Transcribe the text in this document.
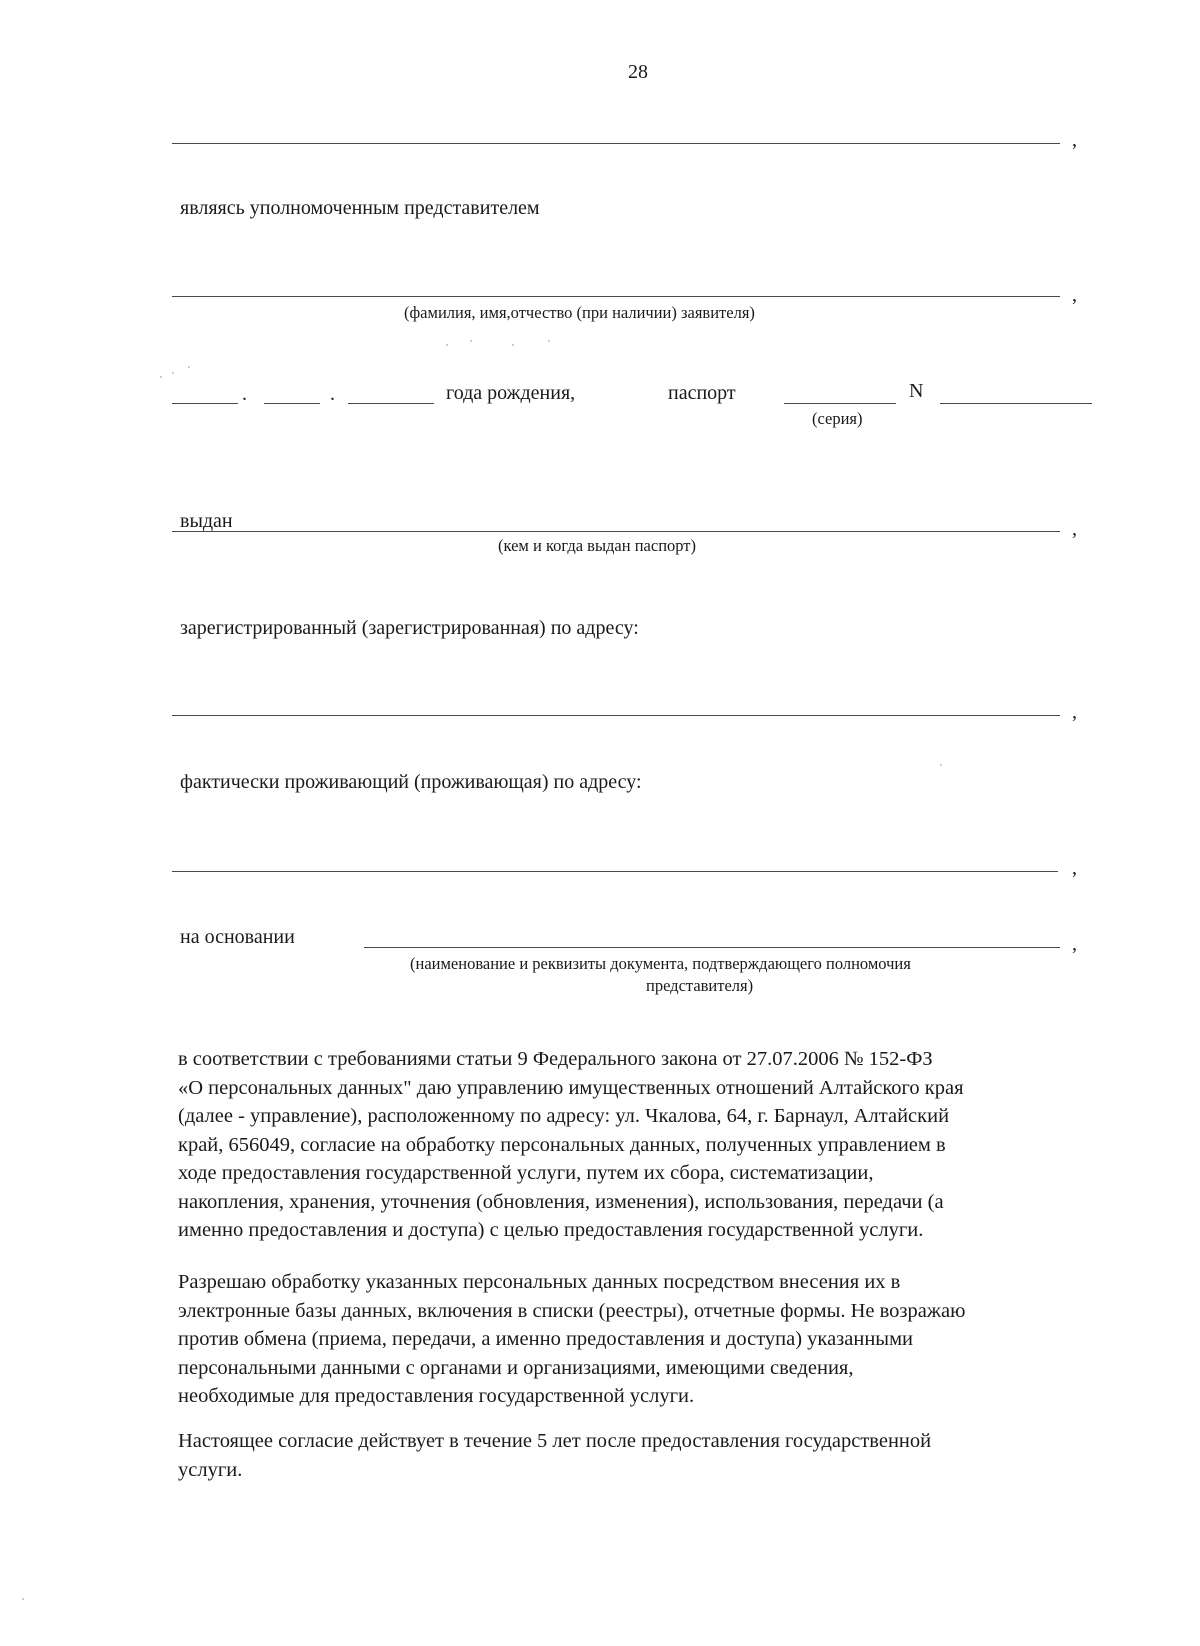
28
,
являясь уполномоченным представителем
,
(фамилия, имя,отчество (при наличии) заявителя)
.	.	года рождения,	паспорт	N
(серия)
выдан	,
(кем и когда выдан паспорт)
зарегистрированный (зарегистрированная) по адресу:
,
фактически проживающий (проживающая) по адресу:
,
на основании	,
(наименование и реквизиты документа, подтверждающего полномочия
представителя)
в соответствии с требованиями статьи 9 Федерального закона от 27.07.2006 № 152-ФЗ
«О персональных данных" даю управлению имущественных отношений Алтайского края
(далее - управление), расположенному по адресу: ул. Чкалова, 64, г. Барнаул, Алтайский
край, 656049, согласие на обработку персональных данных, полученных управлением в
ходе предоставления государственной услуги, путем их сбора, систематизации,
накопления, хранения, уточнения (обновления, изменения), использования, передачи (а
именно предоставления и доступа) с целью предоставления государственной услуги.
Разрешаю обработку указанных персональных данных посредством внесения их в
электронные базы данных, включения в списки (реестры), отчетные формы. Не возражаю
против обмена (приема, передачи, а именно предоставления и доступа) указанными
персональными данными с органами и организациями, имеющими сведения,
необходимые для предоставления государственной услуги.
Настоящее согласие действует в течение 5 лет после предоставления государственной
услуги.
